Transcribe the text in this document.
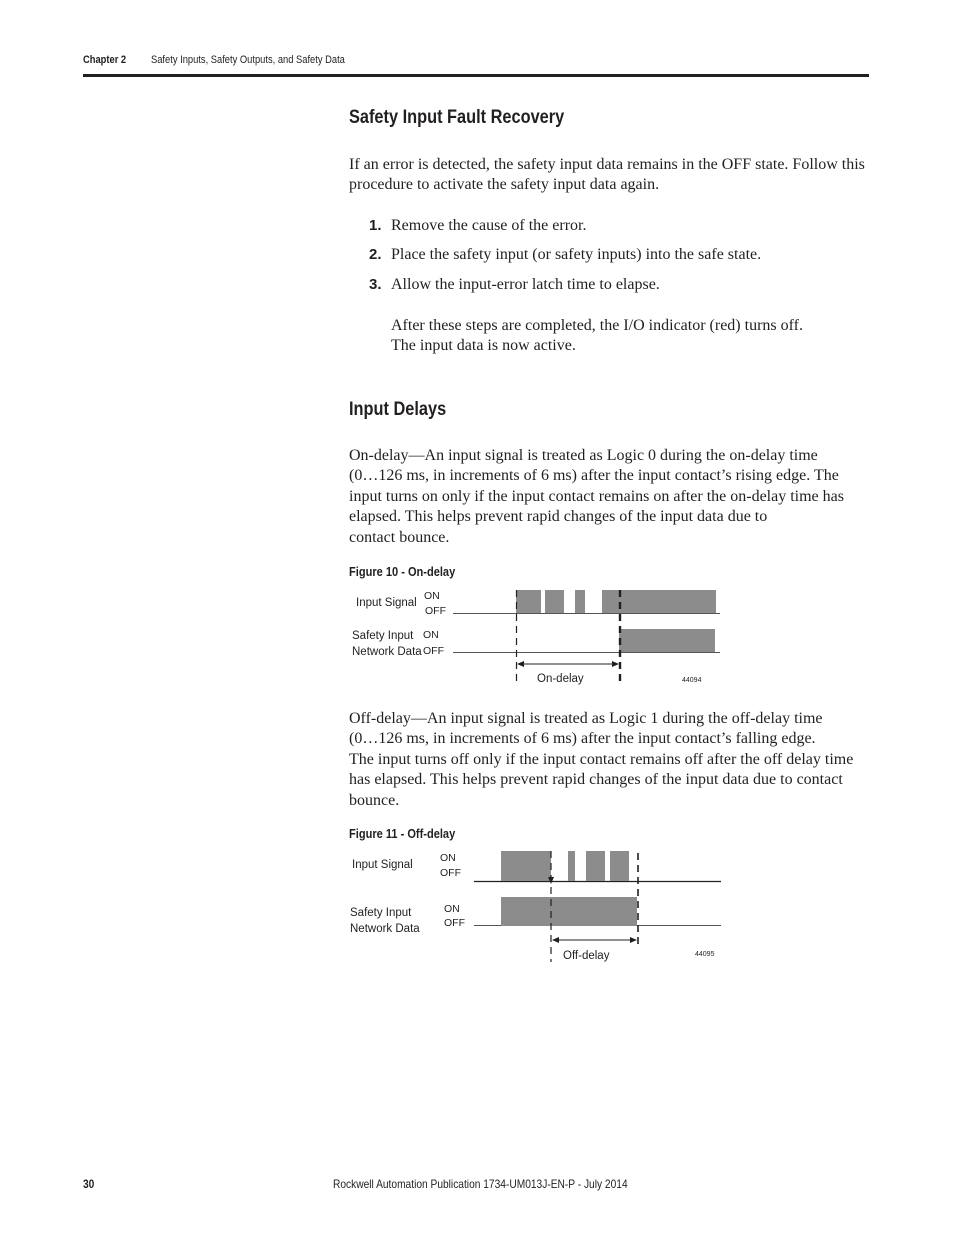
Chapter 2 Safety Inputs, Safety Outputs, and Safety Data
Safety Input Fault Recovery
If an error is detected, the safety input data remains in the OFF state. Follow this
procedure to activate the safety input data again.
1. Remove the cause of the error.
2. Place the safety input (or safety inputs) into the safe state.
3. Allow the input-error latch time to elapse.
After these steps are completed, the I/O indicator (red) turns off.
The input data is now active.
Input Delays
On-delay—An input signal is treated as Logic 0 during the on-delay time
(0…126 ms, in increments of 6 ms) after the input contact’s rising edge. The
input turns on only if the input contact remains on after the on-delay time has
elapsed. This helps prevent rapid changes of the input data due to
contact bounce.
Figure 10 - On-delay
Input Signal
ON
OFF
Safety Input
Network Data
ON
OFF
On-delay	44094
Off-delay—An input signal is treated as Logic 1 during the off-delay time
(0…126 ms, in increments of 6 ms) after the input contact’s falling edge.
The input turns off only if the input contact remains off after the off delay time
has elapsed. This helps prevent rapid changes of the input data due to contact
bounce.
Figure 11 - Off-delay
Input Signal
ON
OFF
Safety Input
Network Data
ON
OFF
Off-delay	44095
30	Rockwell Automation Publication 1734-UM013J-EN-P - July 2014
